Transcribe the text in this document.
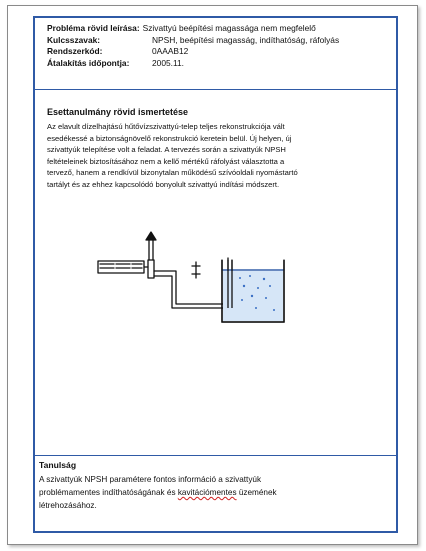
Probléma rövid leírása: Szivattyú beépítési magassága nem megfelelő
Kulcsszavak:	NPSH, beépítési magasság, indíthatóság, ráfolyás
Rendszerkód:	0AAAB12
Átalakítás időpontja:	2005.11.
Esettanulmány rövid ismertetése
Az elavult dízelhajtású hűtővízszivattyú-telep teljes rekonstrukciója vált
esedékessé a biztonságnövelő rekonstrukció keretein belül. Új helyen, új
szivattyúk telepítése volt a feladat. A tervezés során a szivattyúk NPSH
feltételeinek biztosításához nem a kellő mértékű ráfolyást választotta a
tervező, hanem a rendkívül bizonytalan működésű szívóoldali nyomástartó
tartályt és az ehhez kapcsolódó bonyolult szivattyú indítási módszert.
Tanulság
A szivattyúk NPSH paramétere fontos információ a szivattyúk
problémamentes indíthatóságának és kavitációmentes üzemének
létrehozásához.
